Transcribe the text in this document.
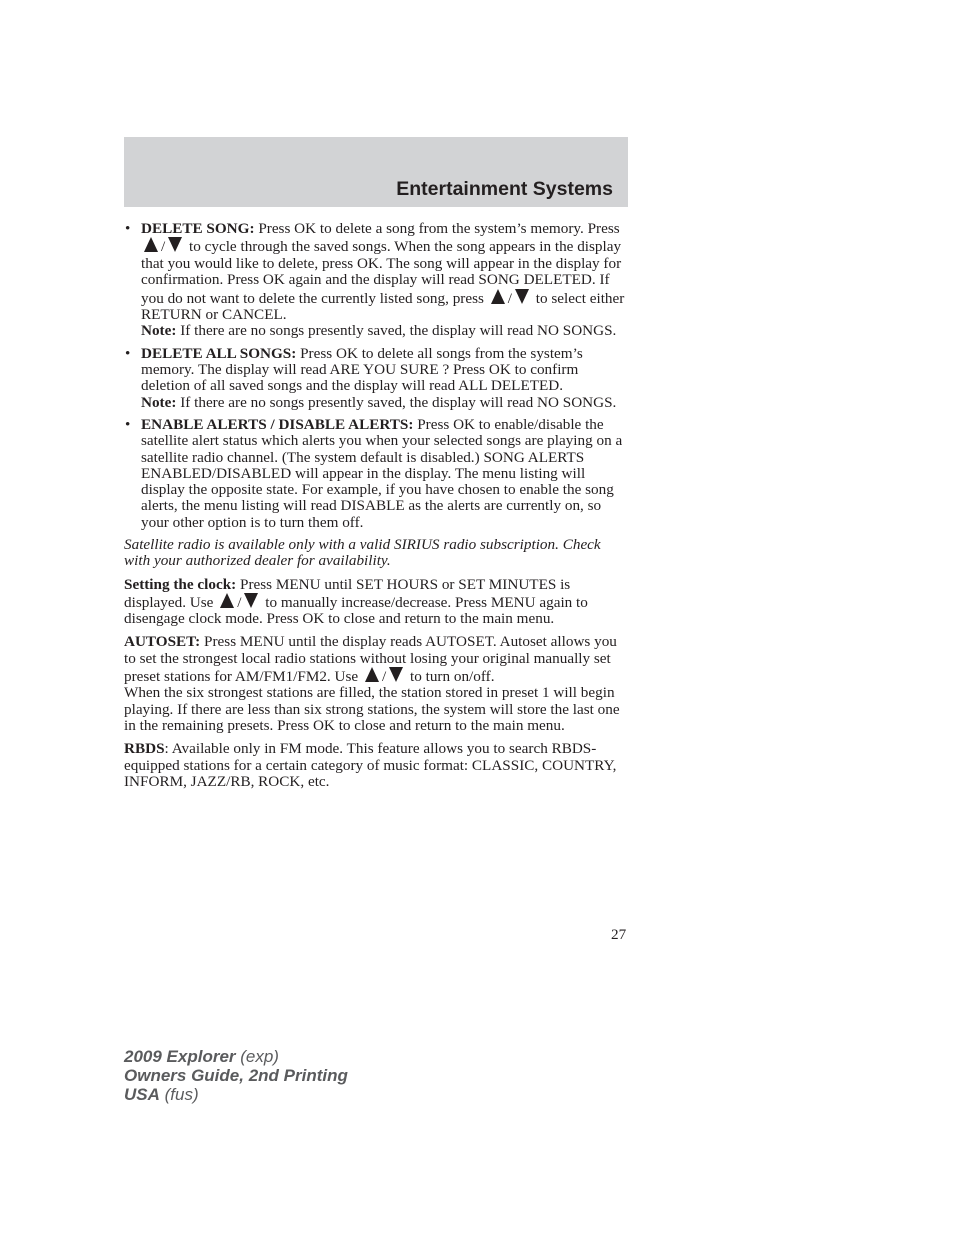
Entertainment Systems
• DELETE SONG: Press OK to delete a song from the system’s memory. Press / to cycle through the saved songs. When the song appears in the display that you would like to delete, press OK. The song will appear in the display for confirmation. Press OK again and the display will read SONG DELETED. If you do not want to delete the currently listed song, press / to select either RETURN or CANCEL.

Note: If there are no songs presently saved, the display will read NO SONGS.

• DELETE ALL SONGS: Press OK to delete all songs from the system’s memory. The display will read ARE YOU SURE ? Press OK to confirm deletion of all saved songs and the display will read ALL DELETED.

Note: If there are no songs presently saved, the display will read NO SONGS.

• ENABLE ALERTS / DISABLE ALERTS: Press OK to enable/disable the satellite alert status which alerts you when your selected songs are playing on a satellite radio channel. (The system default is disabled.) SONG ALERTS ENABLED/DISABLED will appear in the display. The menu listing will display the opposite state. For example, if you have chosen to enable the song alerts, the menu listing will read DISABLE as the alerts are currently on, so your other option is to turn them off.

Satellite radio is available only with a valid SIRIUS radio subscription. Check with your authorized dealer for availability.

Setting the clock: Press MENU until SET HOURS or SET MINUTES is displayed. Use / to manually increase/decrease. Press MENU again to disengage clock mode. Press OK to close and return to the main menu.

AUTOSET: Press MENU until the display reads AUTOSET. Autoset allows you to set the strongest local radio stations without losing your original manually set preset stations for AM/FM1/FM2. Use / to turn on/off.

When the six strongest stations are filled, the station stored in preset 1 will begin playing. If there are less than six strong stations, the system will store the last one in the remaining presets. Press OK to close and return to the main menu.

RBDS: Available only in FM mode. This feature allows you to search RBDS-equipped stations for a certain category of music format: CLASSIC, COUNTRY, INFORM, JAZZ/RB, ROCK, etc.

27
2009 Explorer (exp)
Owners Guide, 2nd Printing
USA (fus)
